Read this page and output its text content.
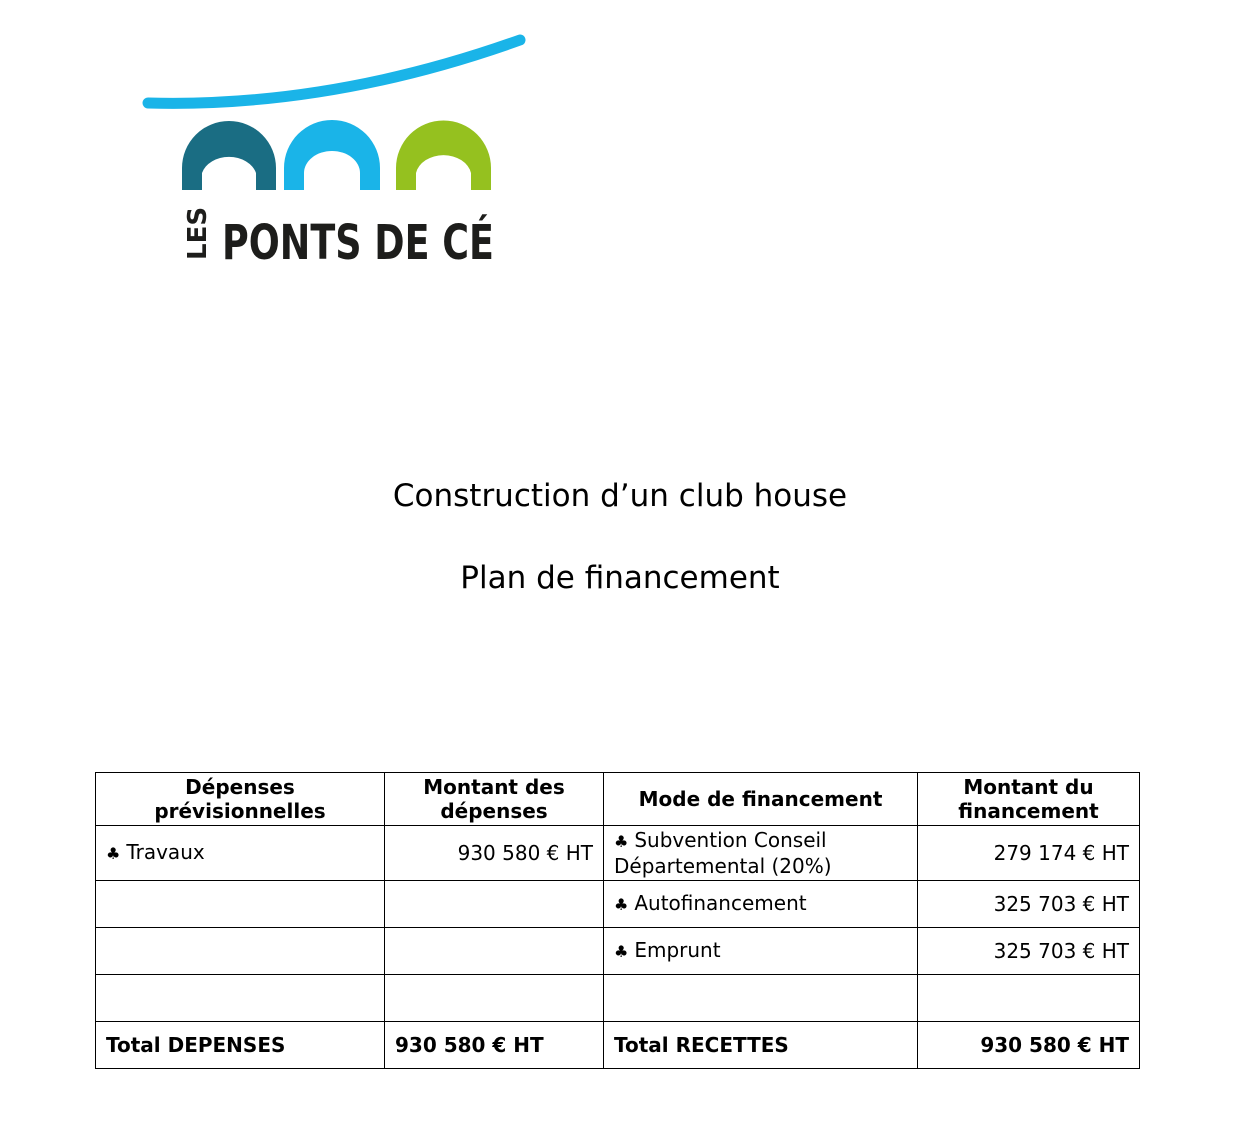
LES PONTS DE CÉ
Construction d’un club house
Plan de financement
Dépenses prévisionnelles	Montant des dépenses	Mode de financement	Montant du financement
♣ Travaux	930 580 € HT	♣ Subvention Conseil Départemental (20%)	279 174 € HT
		♣ Autofinancement	325 703 € HT
		♣ Emprunt	325 703 € HT

Total DEPENSES	930 580 € HT	Total RECETTES	930 580 € HT
